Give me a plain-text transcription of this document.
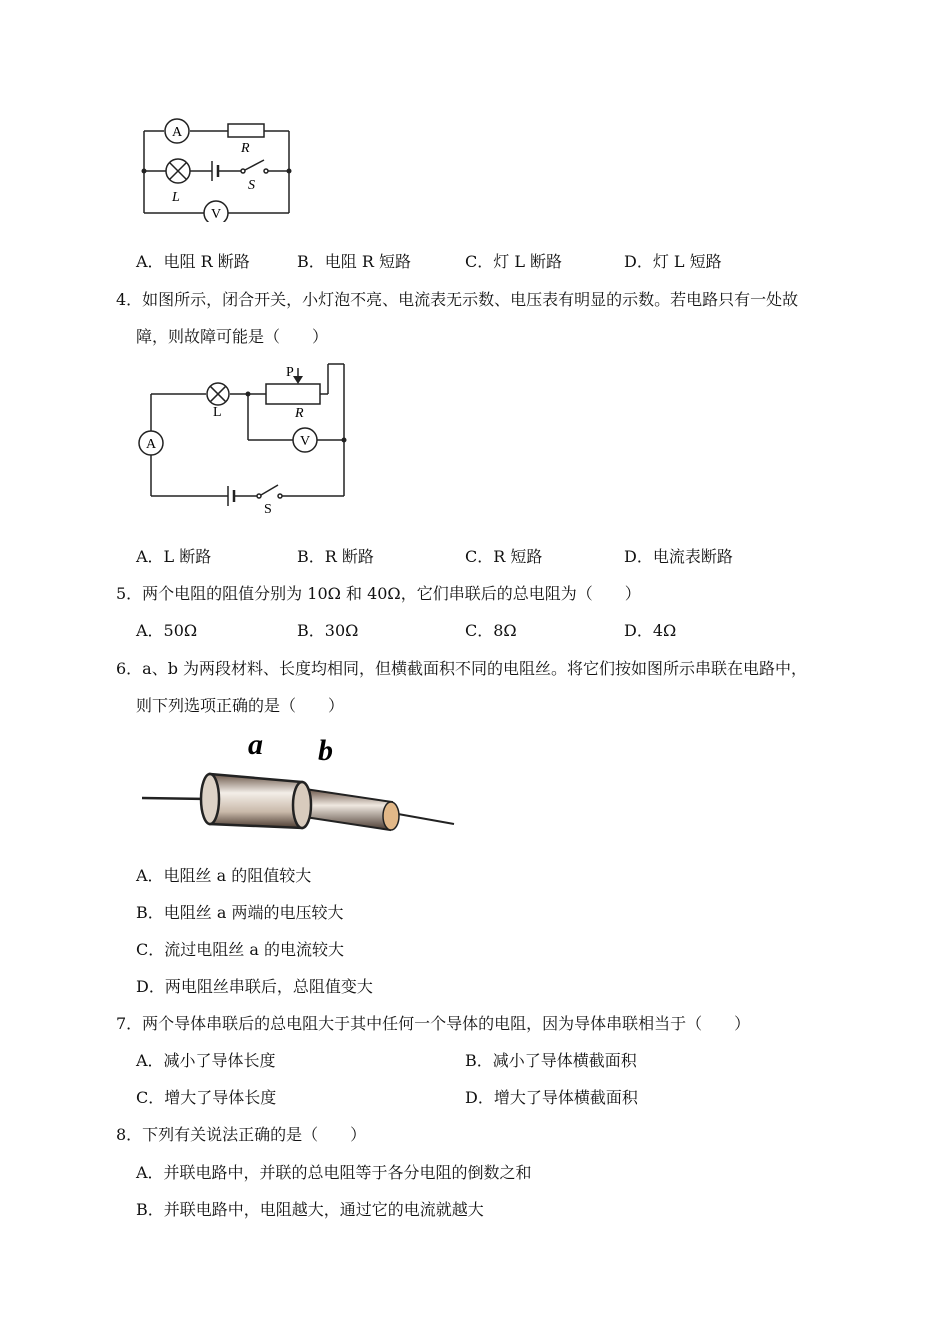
A
R
L
S
V
A．电阻 R 断路	B．电阻 R 短路	C．灯 L 断路	D．灯 L 短路
4．如图所示，闭合开关，小灯泡不亮、电流表无示数、电压表有明显的示数。若电路只有一处故
障，则故障可能是（　　）
L
P
R
V
A
S
A．L 断路	B．R 断路	C．R 短路	D．电流表断路
5．两个电阻的阻值分别为 10Ω 和 40Ω，它们串联后的总电阻为（　　）
A．50Ω	B．30Ω	C．8Ω	D．4Ω
6．a、b 为两段材料、长度均相同，但横截面积不同的电阻丝。将它们按如图所示串联在电路中，
则下列选项正确的是（　　）
a b
A．电阻丝 a 的阻值较大
B．电阻丝 a 两端的电压较大
C．流过电阻丝 a 的电流较大
D．两电阻丝串联后，总阻值变大
7．两个导体串联后的总电阻大于其中任何一个导体的电阻，因为导体串联相当于（　　）
A．减小了导体长度	B．减小了导体横截面积
C．增大了导体长度	D．增大了导体横截面积
8．下列有关说法正确的是（　　）
A．并联电路中，并联的总电阻等于各分电阻的倒数之和
B．并联电路中，电阻越大，通过它的电流就越大
